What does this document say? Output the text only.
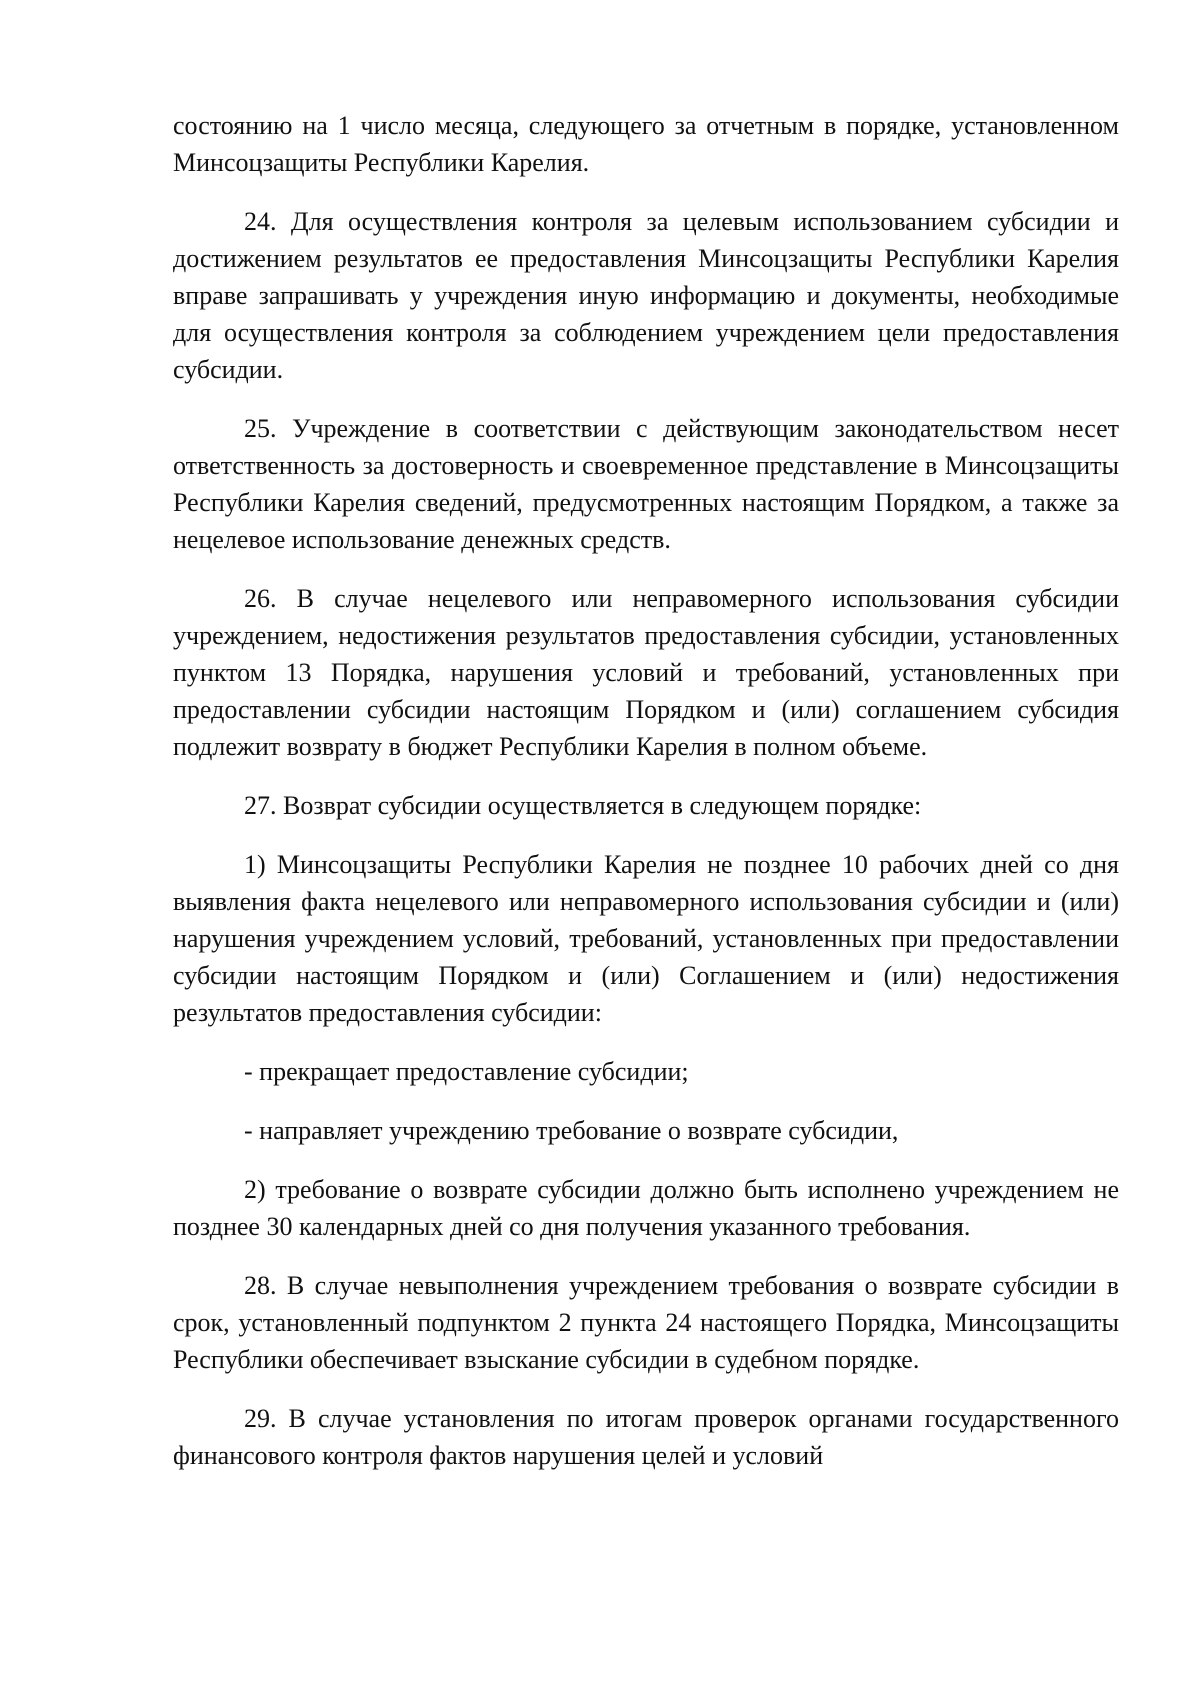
состоянию на 1 число месяца, следующего за отчетным в порядке, установленном Минсоцзащиты Республики Карелия.

24. Для осуществления контроля за целевым использованием субсидии и достижением результатов ее предоставления Минсоцзащиты Республики Карелия вправе запрашивать у учреждения иную информацию и документы, необходимые для осуществления контроля за соблюдением учреждением цели предоставления субсидии.

25. Учреждение в соответствии с действующим законодательством несет ответственность за достоверность и своевременное представление в Минсоцзащиты Республики Карелия сведений, предусмотренных настоящим Порядком, а также за нецелевое использование денежных средств.

26. В случае нецелевого или неправомерного использования субсидии учреждением, недостижения результатов предоставления субсидии, установленных пунктом 13 Порядка, нарушения условий и требований, установленных при предоставлении субсидии настоящим Порядком и (или) соглашением субсидия подлежит возврату в бюджет Республики Карелия в полном объеме.

27. Возврат субсидии осуществляется в следующем порядке:

1) Минсоцзащиты Республики Карелия не позднее 10 рабочих дней со дня выявления факта нецелевого или неправомерного использования субсидии и (или) нарушения учреждением условий, требований, установленных при предоставлении субсидии настоящим Порядком и (или) Соглашением и (или) недостижения результатов предоставления субсидии:

- прекращает предоставление субсидии;

- направляет учреждению требование о возврате субсидии,

2) требование о возврате субсидии должно быть исполнено учреждением не позднее 30 календарных дней со дня получения указанного требования.

28. В случае невыполнения учреждением требования о возврате субсидии в срок, установленный подпунктом 2 пункта 24 настоящего Порядка, Минсоцзащиты Республики обеспечивает взыскание субсидии в судебном порядке.

29. В случае установления по итогам проверок органами государственного финансового контроля фактов нарушения целей и условий
